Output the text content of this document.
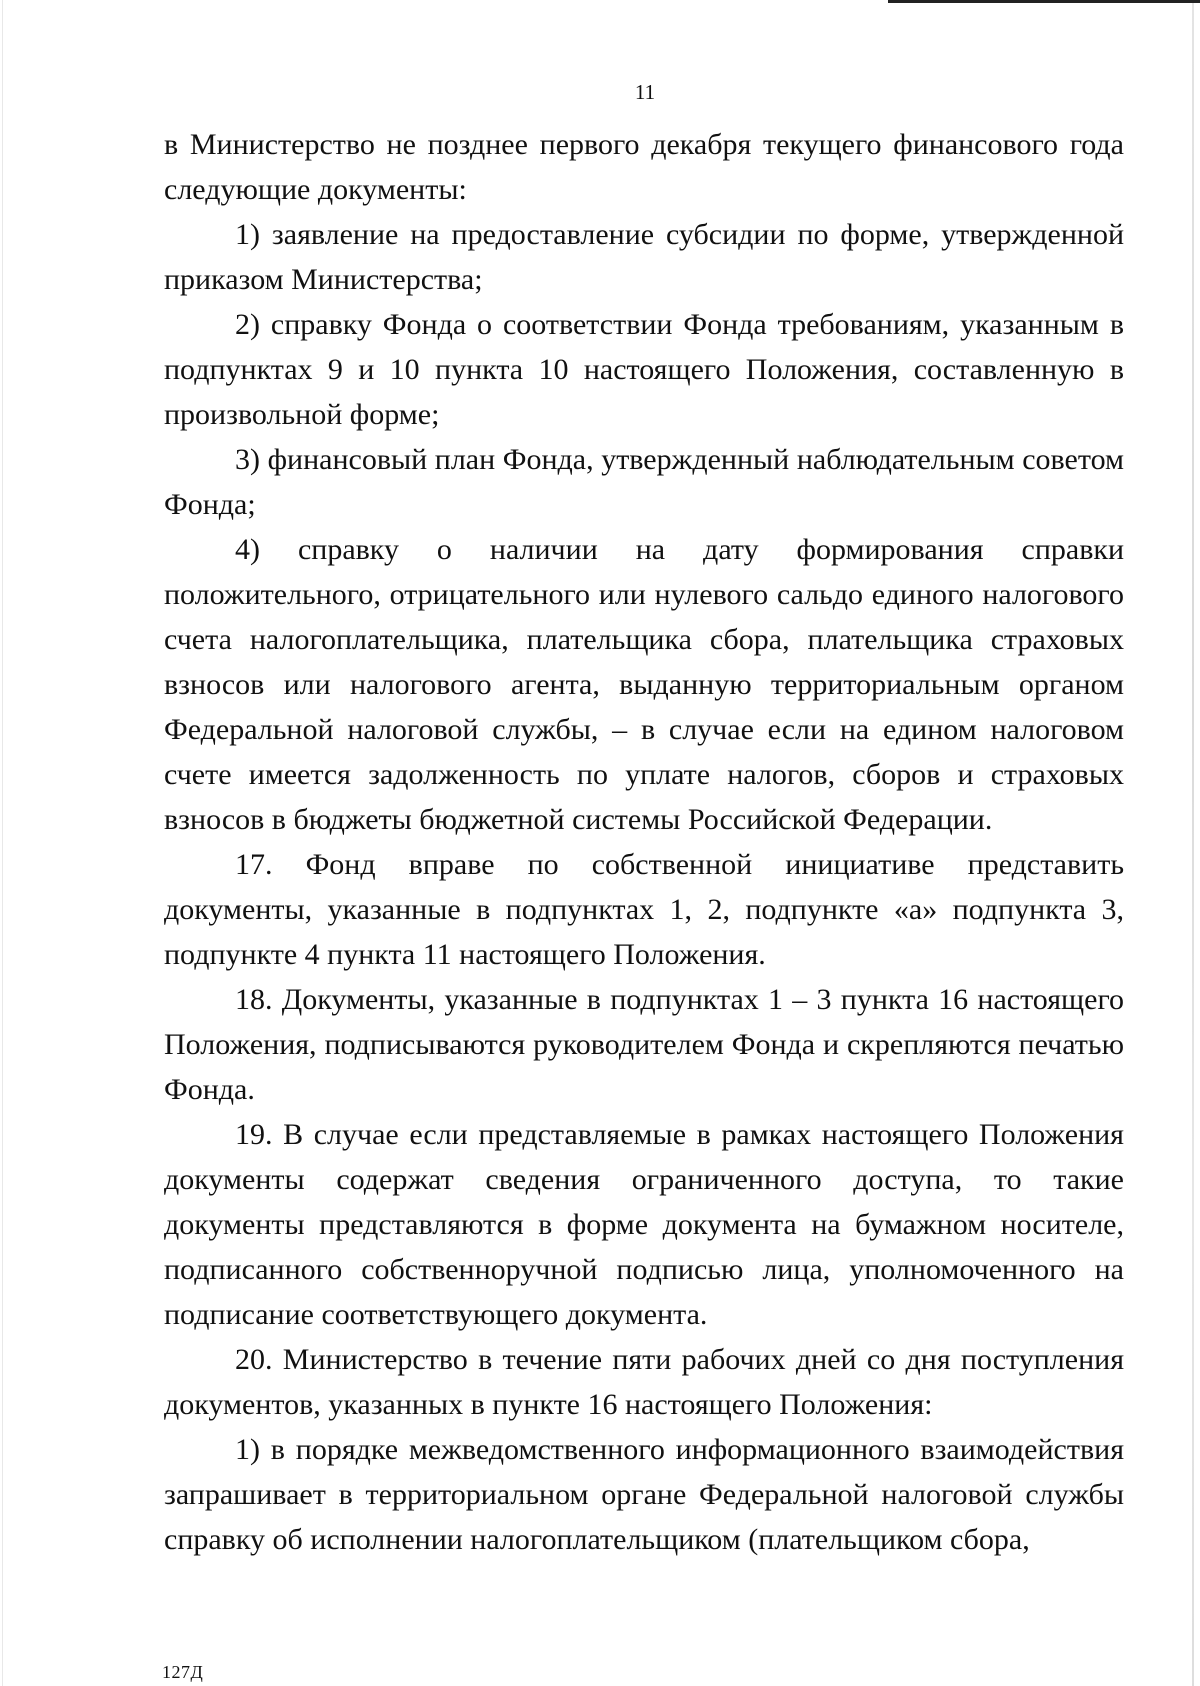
11

в Министерство не позднее первого декабря текущего финансового года следующие документы:

1) заявление на предоставление субсидии по форме, утвержденной приказом Министерства;

2) справку Фонда о соответствии Фонда требованиям, указанным в подпунктах 9 и 10 пункта 10 настоящего Положения, составленную в произвольной форме;

3) финансовый план Фонда, утвержденный наблюдательным советом Фонда;

4) справку о наличии на дату формирования справки положительного, отрицательного или нулевого сальдо единого налогового счета налогоплательщика, плательщика сбора, плательщика страховых взносов или налогового агента, выданную территориальным органом Федеральной налоговой службы, – в случае если на едином налоговом счете имеется задолженность по уплате налогов, сборов и страховых взносов в бюджеты бюджетной системы Российской Федерации.

17. Фонд вправе по собственной инициативе представить документы, указанные в подпунктах 1, 2, подпункте «а» подпункта 3, подпункте 4 пункта 11 настоящего Положения.

18. Документы, указанные в подпунктах 1 – 3 пункта 16 настоящего Положения, подписываются руководителем Фонда и скрепляются печатью Фонда.

19. В случае если представляемые в рамках настоящего Положения документы содержат сведения ограниченного доступа, то такие документы представляются в форме документа на бумажном носителе, подписанного собственноручной подписью лица, уполномоченного на подписание соответствующего документа.

20. Министерство в течение пяти рабочих дней со дня поступления документов, указанных в пункте 16 настоящего Положения:

1) в порядке межведомственного информационного взаимодействия запрашивает в территориальном органе Федеральной налоговой службы справку об исполнении налогоплательщиком (плательщиком сбора,

127Д
